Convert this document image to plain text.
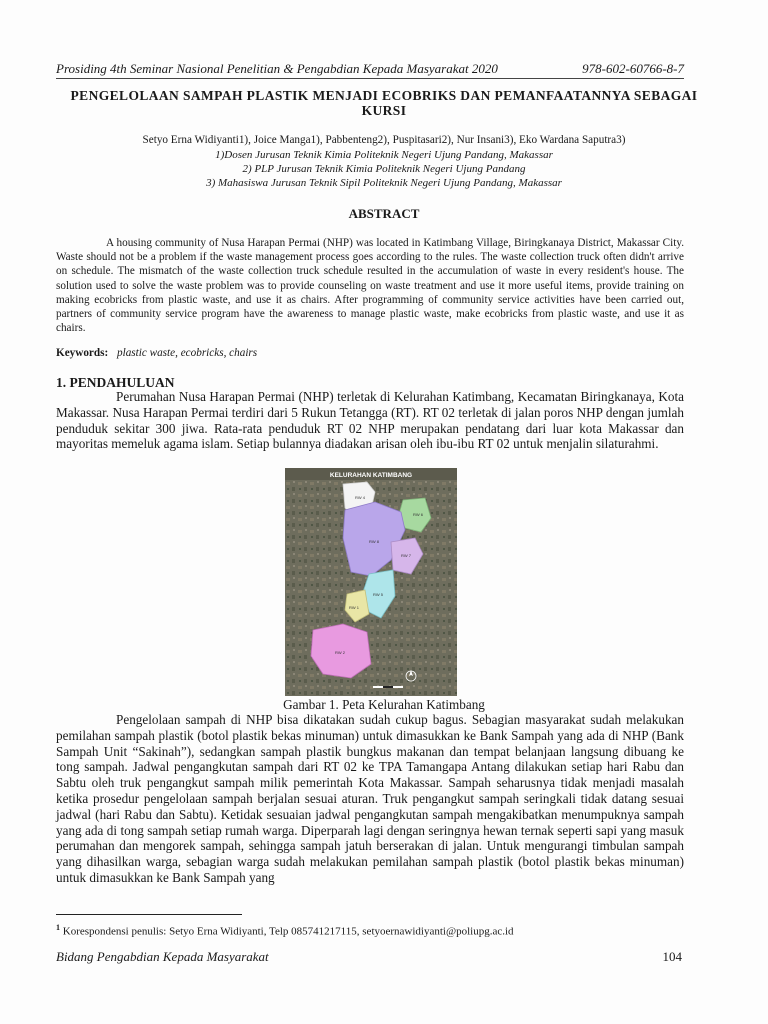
Prosiding 4th Seminar Nasional Penelitian & Pengabdian Kepada Masyarakat 2020	978-602-60766-8-7
PENGELOLAAN SAMPAH PLASTIK MENJADI ECOBRIKS DAN PEMANFAATANNYA SEBAGAI KURSI
Setyo Erna Widiyanti1), Joice Manga1), Pabbenteng2), Puspitasari2), Nur Insani3), Eko Wardana Saputra3)
1)Dosen Jurusan Teknik Kimia Politeknik Negeri Ujung Pandang, Makassar
2) PLP Jurusan Teknik Kimia Politeknik Negeri Ujung Pandang
3) Mahasiswa Jurusan Teknik Sipil Politeknik Negeri Ujung Pandang, Makassar
ABSTRACT
A housing community of Nusa Harapan Permai (NHP) was located in Katimbang Village, Biringkanaya District, Makassar City. Waste should not be a problem if the waste management process goes according to the rules. The waste collection truck often didn't arrive on schedule. The mismatch of the waste collection truck schedule resulted in the accumulation of waste in every resident's house. The solution used to solve the waste problem was to provide counseling on waste treatment and use it more useful items, provide training on making ecobricks from plastic waste, and use it as chairs. After programming of community service activities have been carried out, partners of community service program have the awareness to manage plastic waste, make ecobricks from plastic waste, and use it as chairs.
Keywords: plastic waste, ecobricks, chairs
1. PENDAHULUAN
Perumahan Nusa Harapan Permai (NHP) terletak di Kelurahan Katimbang, Kecamatan Biringkanaya, Kota Makassar. Nusa Harapan Permai terdiri dari 5 Rukun Tetangga (RT). RT 02 terletak di jalan poros NHP dengan jumlah penduduk sekitar 300 jiwa. Rata-rata penduduk RT 02 NHP merupakan pendatang dari luar kota Makassar dan mayoritas memeluk agama islam. Setiap bulannya diadakan arisan oleh ibu-ibu RT 02 untuk menjalin silaturahmi.
KELURAHAN KATIMBANG
RW 4
RW 6
RW 8
RW 7
RW 5
RW 1
RW 2
Gambar 1. Peta Kelurahan Katimbang
Pengelolaan sampah di NHP bisa dikatakan sudah cukup bagus. Sebagian masyarakat sudah melakukan pemilahan sampah plastik (botol plastik bekas minuman) untuk dimasukkan ke Bank Sampah yang ada di NHP (Bank Sampah Unit “Sakinah”), sedangkan sampah plastik bungkus makanan dan tempat belanjaan langsung dibuang ke tong sampah. Jadwal pengangkutan sampah dari RT 02 ke TPA Tamangapa Antang dilakukan setiap hari Rabu dan Sabtu oleh truk pengangkut sampah milik pemerintah Kota Makassar. Sampah seharusnya tidak menjadi masalah ketika prosedur pengelolaan sampah berjalan sesuai aturan. Truk pengangkut sampah seringkali tidak datang sesuai jadwal (hari Rabu dan Sabtu). Ketidak sesuaian jadwal pengangkutan sampah mengakibatkan menumpuknya sampah yang ada di tong sampah setiap rumah warga. Diperparah lagi dengan seringnya hewan ternak seperti sapi yang masuk perumahan dan mengorek sampah, sehingga sampah jatuh berserakan di jalan. Untuk mengurangi timbulan sampah yang dihasilkan warga, sebagian warga sudah melakukan pemilahan sampah plastik (botol plastik bekas minuman) untuk dimasukkan ke Bank Sampah yang
$^1$ Korespondensi penulis: Setyo Erna Widiyanti, Telp 085741217115, setyoernawidiyanti@poliupg.ac.id
Bidang Pengabdian Kepada Masyarakat	104
